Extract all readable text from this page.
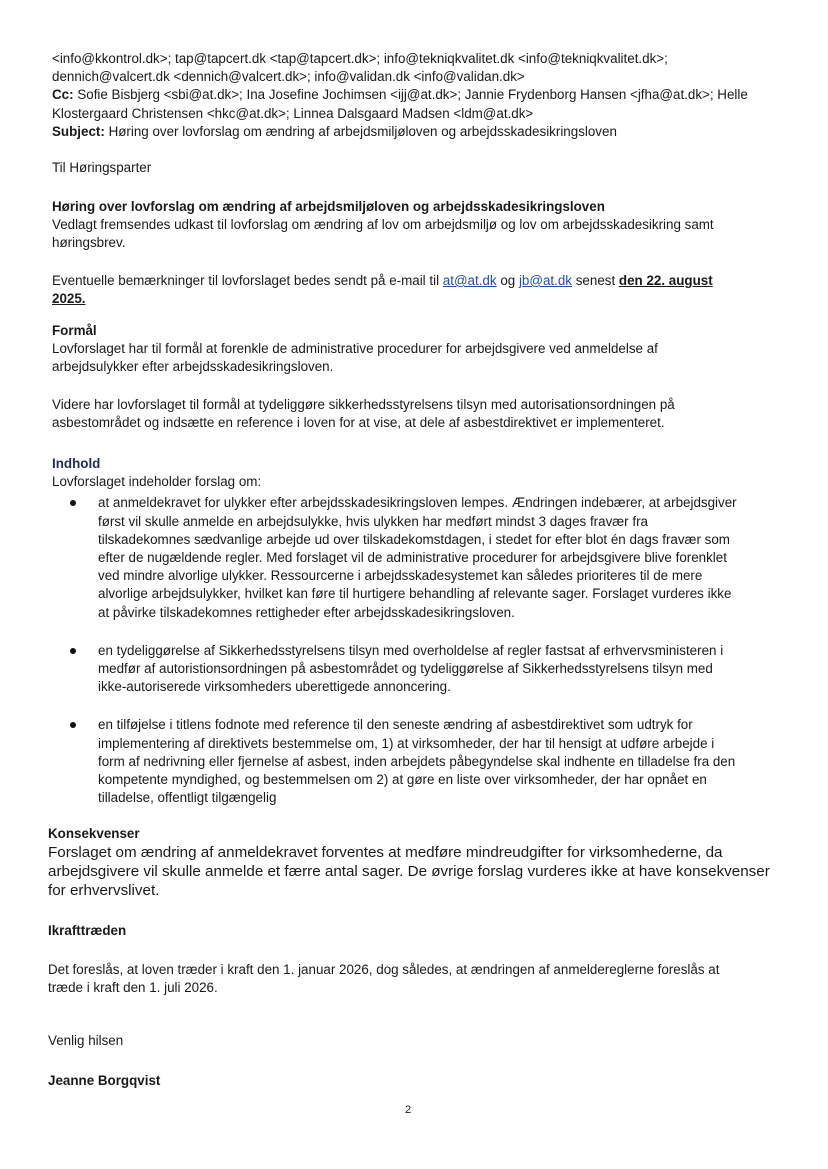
<info@kkontrol.dk>; tap@tapcert.dk <tap@tapcert.dk>; info@tekniqkvalitet.dk <info@tekniqkvalitet.dk>;
dennich@valcert.dk <dennich@valcert.dk>; info@validan.dk <info@validan.dk>
Cc: Sofie Bisbjerg <sbi@at.dk>; Ina Josefine Jochimsen <ijj@at.dk>; Jannie Frydenborg Hansen <jfha@at.dk>; Helle
Klostergaard Christensen <hkc@at.dk>; Linnea Dalsgaard Madsen <ldm@at.dk>
Subject: Høring over lovforslag om ændring af arbejdsmiljøloven og arbejdsskadesikringsloven
Til Høringsparter
Høring over lovforslag om ændring af arbejdsmiljøloven og arbejdsskadesikringsloven
Vedlagt fremsendes udkast til lovforslag om ændring af lov om arbejdsmiljø og lov om arbejdsskadesikring samt
høringsbrev.
Eventuelle bemærkninger til lovforslaget bedes sendt på e-mail til at@at.dk og jb@at.dk senest den 22. august
2025.
Formål
Lovforslaget har til formål at forenkle de administrative procedurer for arbejdsgivere ved anmeldelse af
arbejdsulykker efter arbejdsskadesikringsloven.
Videre har lovforslaget til formål at tydeliggøre sikkerhedsstyrelsens tilsyn med autorisationsordningen på
asbestområdet og indsætte en reference i loven for at vise, at dele af asbestdirektivet er implementeret.
Indhold
Lovforslaget indeholder forslag om:
at anmeldekravet for ulykker efter arbejdsskadesikringsloven lempes. Ændringen indebærer, at arbejdsgiver
først vil skulle anmelde en arbejdsulykke, hvis ulykken har medført mindst 3 dages fravær fra
tilskadekomnes sædvanlige arbejde ud over tilskadekomstdagen, i stedet for efter blot én dags fravær som
efter de nugældende regler. Med forslaget vil de administrative procedurer for arbejdsgivere blive forenklet
ved mindre alvorlige ulykker. Ressourcerne i arbejdsskadesystemet kan således prioriteres til de mere
alvorlige arbejdsulykker, hvilket kan føre til hurtigere behandling af relevante sager. Forslaget vurderes ikke
at påvirke tilskadekomnes rettigheder efter arbejdsskadesikringsloven.
en tydeliggørelse af Sikkerhedsstyrelsens tilsyn med overholdelse af regler fastsat af erhvervsministeren i
medfør af autoristionsordningen på asbestområdet og tydeliggørelse af Sikkerhedsstyrelsens tilsyn med
ikke-autoriserede virksomheders uberettigede annoncering.
en tilføjelse i titlens fodnote med reference til den seneste ændring af asbestdirektivet som udtryk for
implementering af direktivets bestemmelse om, 1) at virksomheder, der har til hensigt at udføre arbejde i
form af nedrivning eller fjernelse af asbest, inden arbejdets påbegyndelse skal indhente en tilladelse fra den
kompetente myndighed, og bestemmelsen om 2) at gøre en liste over virksomheder, der har opnået en
tilladelse, offentligt tilgængelig
Konsekvenser
Forslaget om ændring af anmeldekravet forventes at medføre mindreudgifter for virksomhederne, da
arbejdsgivere vil skulle anmelde et færre antal sager. De øvrige forslag vurderes ikke at have konsekvenser
for erhvervslivet.
Ikrafttræden
Det foreslås, at loven træder i kraft den 1. januar 2026, dog således, at ændringen af anmeldereglerne foreslås at
træde i kraft den 1. juli 2026.
Venlig hilsen
Jeanne Borgqvist
2
